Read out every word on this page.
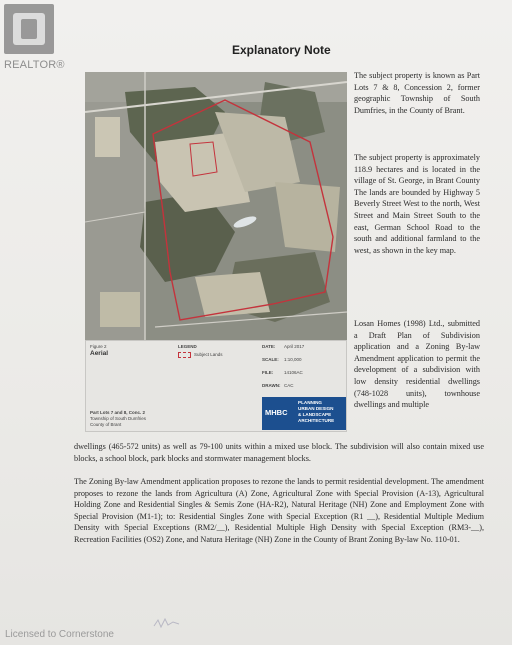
REALTOR®
Explanatory Note
Figure 2
Aerial
LEGEND
Subject Lands
DATE: April 2017
SCALE: 1:10,000
FILE: 14106AC
DRAWN: CAC
Part Lots 7 and 8, Conc. 2
Township of South Dumfries
County of Brant
MHBC
PLANNING
URBAN DESIGN
& LANDSCAPE
ARCHITECTURE
The subject property is known as Part Lots 7 & 8, Concession 2, former geographic Township of South Dumfries, in the County of Brant.
The subject property is approximately 118.9 hectares and is located in the village of St. George, in Brant County The lands are bounded by Highway 5 Beverly Street West to the north, West Street and Main Street South to the east, German School Road to the south and additional farmland to the west, as shown in the key map.
Losan Homes (1998) Ltd., submitted a Draft Plan of Subdivision application and a Zoning By-law Amendment application to permit the development of a subdivision with low density residential dwellings (748-1028 units), townhouse dwellings and multiple
dwellings (465-572 units) as well as 79-100 units within a mixed use block. The subdivision will also contain mixed use blocks, a school block, park blocks and stormwater management blocks.
The Zoning By-law Amendment application proposes to rezone the lands to permit residential development. The amendment proposes to rezone the lands from Agricultura (A) Zone, Agricultural Zone with Special Provision (A-13), Agricultural Holding Zone and Residential Singles & Semis Zone (HA-R2), Natural Heritage (NH) Zone and Employment Zone with Special Provision (M1-1); to: Residential Singles Zone with Special Exception (R1 __), Residential Multiple Medium Density with Special Exceptions (RM2/__), Residential Multiple High Density with Special Exception (RM3-__), Recreation Facilities (OS2) Zone, and Natura Heritage (NH) Zone in the County of Brant Zoning By-law No. 110-01.
Licensed to Cornerstone
